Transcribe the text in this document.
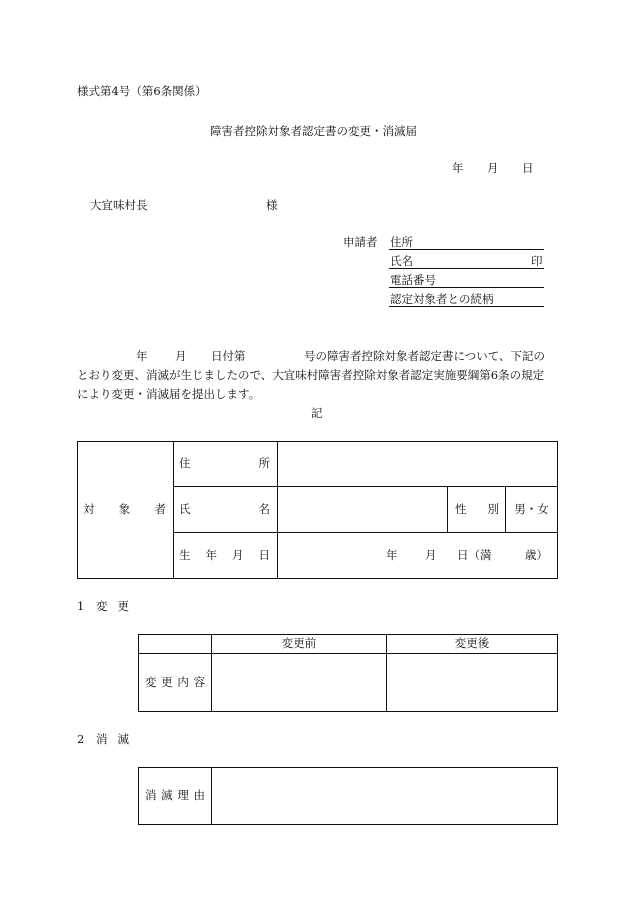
様式第4号（第6条関係）
障害者控除対象者認定書の変更・消滅届
年 月 日
大宜味村長	様
申請者 住所
氏名	印
電話番号
認定対象者との続柄
年 月 日付第	号の障害者控除対象者認定書について、下記の
とおり変更、消滅が生じましたので、大宜味村障害者控除対象者認定実施要綱第6条の規定
により変更・消滅届を提出します。
記
対 象 者	住 所			

	氏 名		性 別	男・女

	生 年 月 日	年 月 日（満 歳）		
1 変更
	変更前	変更後

変 更 内 容		

2 消滅
消 滅 理 由
